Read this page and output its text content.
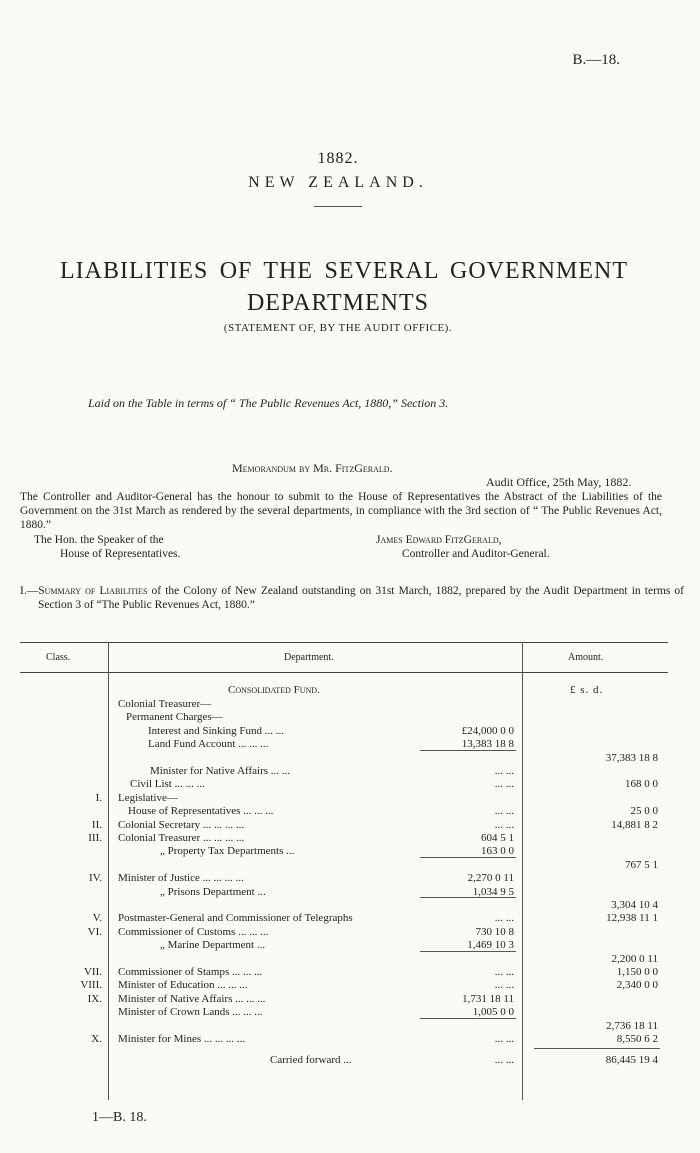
B.—18.
1882.
NEW ZEALAND.
LIABILITIES OF THE SEVERAL GOVERNMENT
DEPARTMENTS
(STATEMENT OF, BY THE AUDIT OFFICE).
Laid on the Table in terms of “ The Public Revenues Act, 1880,” Section 3.
Memorandum by Mr. FitzGerald.
Audit Office, 25th May, 1882.
The Controller and Auditor-General has the honour to submit to the House of Representatives the Abstract of the Liabilities of the Government on the 31st March as rendered by the several departments, in compliance with the 3rd section of “ The Public Revenues Act, 1880.”
The Hon. the Speaker of the
House of Representatives.
James Edward FitzGerald,
Controller and Auditor-General.
I.—Summary of Liabilities of the Colony of New Zealand outstanding on 31st March, 1882, prepared by the Audit Department in terms of Section 3 of “The Public Revenues Act, 1880.”
Class.	Department.	Amount.
Consolidated Fund.	£ s. d.
Colonial Treasurer—
Permanent Charges—
Interest and Sinking Fund ... ...	£24,000 0 0
Land Fund Account ... ... ...	13,383 18 8
37,383 18 8
Minister for Native Affairs ... ...	... ...
Civil List ... ... ...	... ...	168 0 0
I. Legislative—
House of Representatives ... ... ...	... ...	25 0 0
II. Colonial Secretary ... ... ... ...	... ...	14,881 8 2
III. Colonial Treasurer ... ... ... ...	604 5 1
„ Property Tax Departments ...	163 0 0
767 5 1
IV. Minister of Justice ... ... ... ...	2,270 0 11
„ Prisons Department ...	1,034 9 5
3,304 10 4
V. Postmaster-General and Commissioner of Telegraphs	... ...	12,938 11 1
VI. Commissioner of Customs ... ... ...	730 10 8
„ Marine Department ...	1,469 10 3
2,200 0 11
VII. Commissioner of Stamps ... ... ...	... ...	1,150 0 0
VIII. Minister of Education ... ... ...	... ...	2,340 0 0
IX. Minister of Native Affairs ... ... ...	1,731 18 11
Minister of Crown Lands ... ... ...	1,005 0 0
2,736 18 11
X. Minister for Mines ... ... ... ...	... ...	8,550 6 2
Carried forward ...	... ...	86,445 19 4
1—B. 18.
